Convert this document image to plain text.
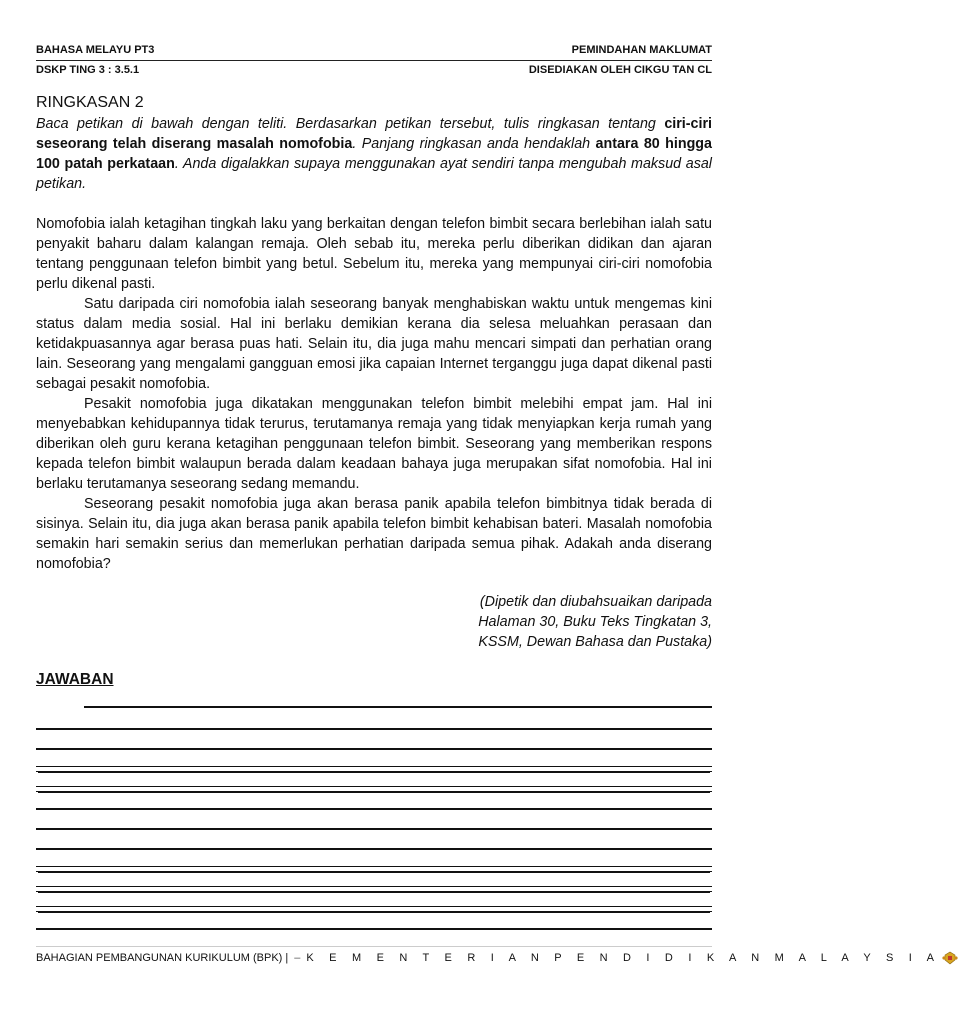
BAHASA MELAYU PT3	PEMINDAHAN MAKLUMAT
DSKP TING 3 : 3.5.1	DISEDIAKAN OLEH CIKGU TAN CL
RINGKASAN 2
Baca petikan di bawah dengan teliti. Berdasarkan petikan tersebut, tulis ringkasan tentang ciri-ciri seseorang telah diserang masalah nomofobia. Panjang ringkasan anda hendaklah antara 80 hingga 100 patah perkataan. Anda digalakkan supaya menggunakan ayat sendiri tanpa mengubah maksud asal petikan.

Nomofobia ialah ketagihan tingkah laku yang berkaitan dengan telefon bimbit secara berlebihan ialah satu penyakit baharu dalam kalangan remaja. Oleh sebab itu, mereka perlu diberikan didikan dan ajaran tentang penggunaan telefon bimbit yang betul. Sebelum itu, mereka yang mempunyai ciri-ciri nomofobia perlu dikenal pasti.

Satu daripada ciri nomofobia ialah seseorang banyak menghabiskan waktu untuk mengemas kini status dalam media sosial. Hal ini berlaku demikian kerana dia selesa meluahkan perasaan dan ketidakpuasannya agar berasa puas hati. Selain itu, dia juga mahu mencari simpati dan perhatian orang lain. Seseorang yang mengalami gangguan emosi jika capaian Internet terganggu juga dapat dikenal pasti sebagai pesakit nomofobia.

Pesakit nomofobia juga dikatakan menggunakan telefon bimbit melebihi empat jam. Hal ini menyebabkan kehidupannya tidak terurus, terutamanya remaja yang tidak menyiapkan kerja rumah yang diberikan oleh guru kerana ketagihan penggunaan telefon bimbit. Seseorang yang memberikan respons kepada telefon bimbit walaupun berada dalam keadaan bahaya juga merupakan sifat nomofobia. Hal ini berlaku terutamanya seseorang sedang memandu.

Seseorang pesakit nomofobia juga akan berasa panik apabila telefon bimbitnya tidak berada di sisinya. Selain itu, dia juga akan berasa panik apabila telefon bimbit kehabisan bateri. Masalah nomofobia semakin hari semakin serius dan memerlukan perhatian daripada semua pihak. Adakah anda diserang nomofobia?

(Dipetik dan diubahsuaikan daripada
Halaman 30, Buku Teks Tingkatan 3,
KSSM, Dewan Bahasa dan Pustaka)
JAWABAN
BAHAGIAN PEMBANGUNAN KURIKULUM (BPK) | – K E M E N T E R I A N P E N D I D I K A N M A L A Y S I A
